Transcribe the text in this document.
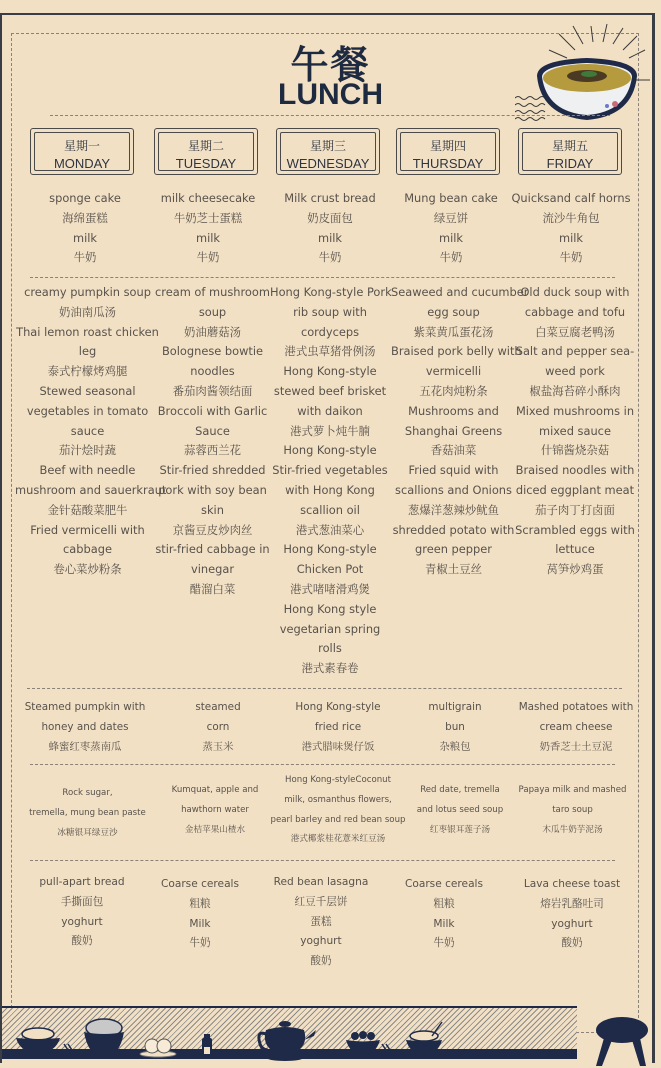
午餐
LUNCH
星期一
MONDAY
星期二
TUESDAY
星期三
WEDNESDAY
星期四
THURSDAY
星期五
FRIDAY
sponge cake
海绵蛋糕
milk
牛奶
milk cheesecake
牛奶芝士蛋糕
milk
牛奶
Milk crust bread
奶皮面包
milk
牛奶
Mung bean cake
绿豆饼
milk
牛奶
Quicksand calf horns
流沙牛角包
milk
牛奶
creamy pumpkin soup
奶油南瓜汤
Thai lemon roast chicken
leg
泰式柠檬烤鸡腿
Stewed seasonal
vegetables in tomato
sauce
茄汁烩时蔬
Beef with needle
mushroom and sauerkraut
金针菇酸菜肥牛
Fried vermicelli with
cabbage
卷心菜炒粉条
cream of mushroom
soup
奶油蘑菇汤
Bolognese bowtie
noodles
番茄肉酱领结面
Broccoli with Garlic
Sauce
蒜蓉西兰花
Stir-fried shredded
pork with soy bean
skin
京酱豆皮炒肉丝
stir-fried cabbage in
vinegar
醋溜白菜
Hong Kong-style Pork
rib soup with
cordyceps
港式虫草猪骨例汤
Hong Kong-style
stewed beef brisket
with daikon
港式萝卜炖牛腩
Hong Kong-style
Stir-fried vegetables
with Hong Kong
scallion oil
港式葱油菜心
Hong Kong-style
Chicken Pot
港式啫啫滑鸡煲
Hong Kong style
vegetarian spring
rolls
港式素春卷
Seaweed and cucumber
egg soup
紫菜黄瓜蛋花汤
Braised pork belly with
vermicelli
五花肉炖粉条
Mushrooms and
Shanghai Greens
香菇油菜
Fried squid with
scallions and Onions
葱爆洋葱辣炒鱿鱼
shredded potato with
green pepper
青椒土豆丝
Old duck soup with
cabbage and tofu
白菜豆腐老鸭汤
Salt and pepper sea-
weed pork
椒盐海苔碎小酥肉
Mixed mushrooms in
mixed sauce
什锦酱烧杂菇
Braised noodles with
diced eggplant meat
茄子肉丁打卤面
Scrambled eggs with
lettuce
莴笋炒鸡蛋
Steamed pumpkin with
honey and dates
蜂蜜红枣蒸南瓜
steamed
corn
蒸玉米
Hong Kong-style
fried rice
港式腊味煲仔饭
multigrain
bun
杂粮包
Mashed potatoes with
cream cheese
奶香芝士土豆泥
Rock sugar,
tremella, mung bean paste
冰糖银耳绿豆沙
Kumquat, apple and
hawthorn water
金桔苹果山楂水
Hong Kong-styleCoconut
milk, osmanthus flowers,
pearl barley and red bean soup
港式椰浆桂花薏米红豆汤
Red date, tremella
and lotus seed soup
红枣银耳莲子汤
Papaya milk and mashed
taro soup
木瓜牛奶芋泥汤
pull-apart bread
手撕面包
yoghurt
酸奶
Coarse cereals
粗粮
Milk
牛奶
Red bean lasagna
红豆千层饼
蛋糕
yoghurt
酸奶
Coarse cereals
粗粮
Milk
牛奶
Lava cheese toast
熔岩乳酪吐司
yoghurt
酸奶
